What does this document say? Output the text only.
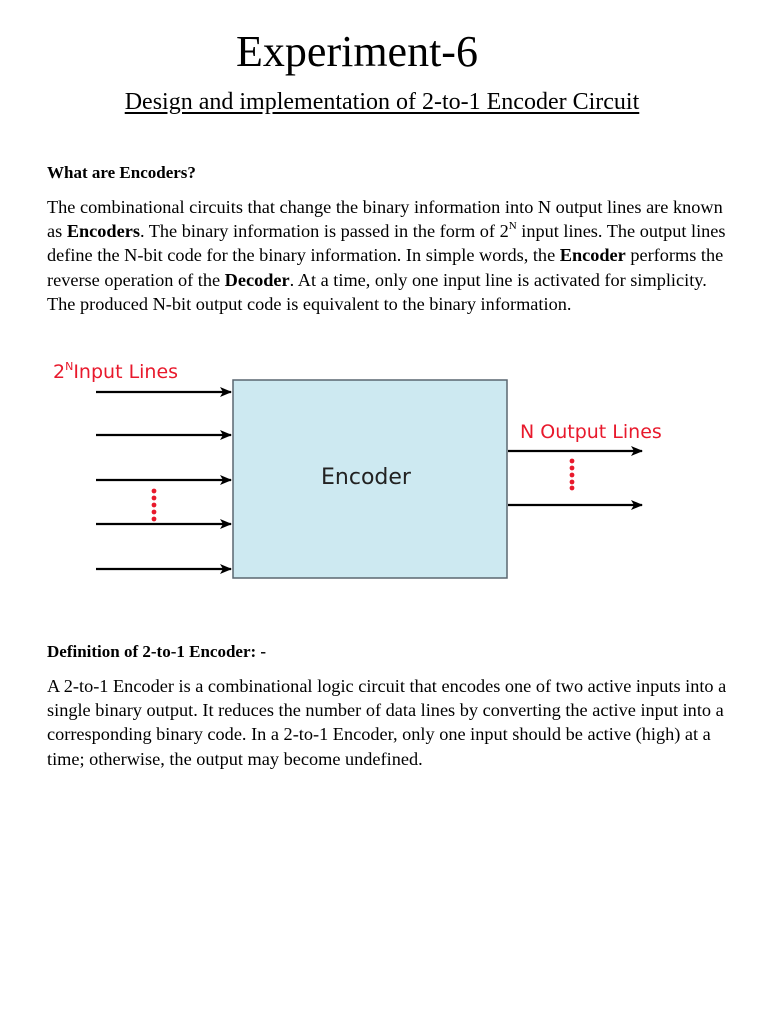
Experiment-6
Design and implementation of 2-to-1 Encoder Circuit
What are Encoders?
The combinational circuits that change the binary information into N output lines are known as Encoders. The binary information is passed in the form of $2^N$ input lines. The output lines define the N-bit code for the binary information. In simple words, the Encoder performs the reverse operation of the Decoder. At a time, only one input line is activated for simplicity. The produced N-bit output code is equivalent to the binary information.
$2^NInput$ Lines
Encoder
N Output Lines
Definition of 2-to-1 Encoder: -
A 2-to-1 Encoder is a combinational logic circuit that encodes one of two active inputs into a single binary output. It reduces the number of data lines by converting the active input into a corresponding binary code. In a 2-to-1 Encoder, only one input should be active (high) at a time; otherwise, the output may become undefined.
